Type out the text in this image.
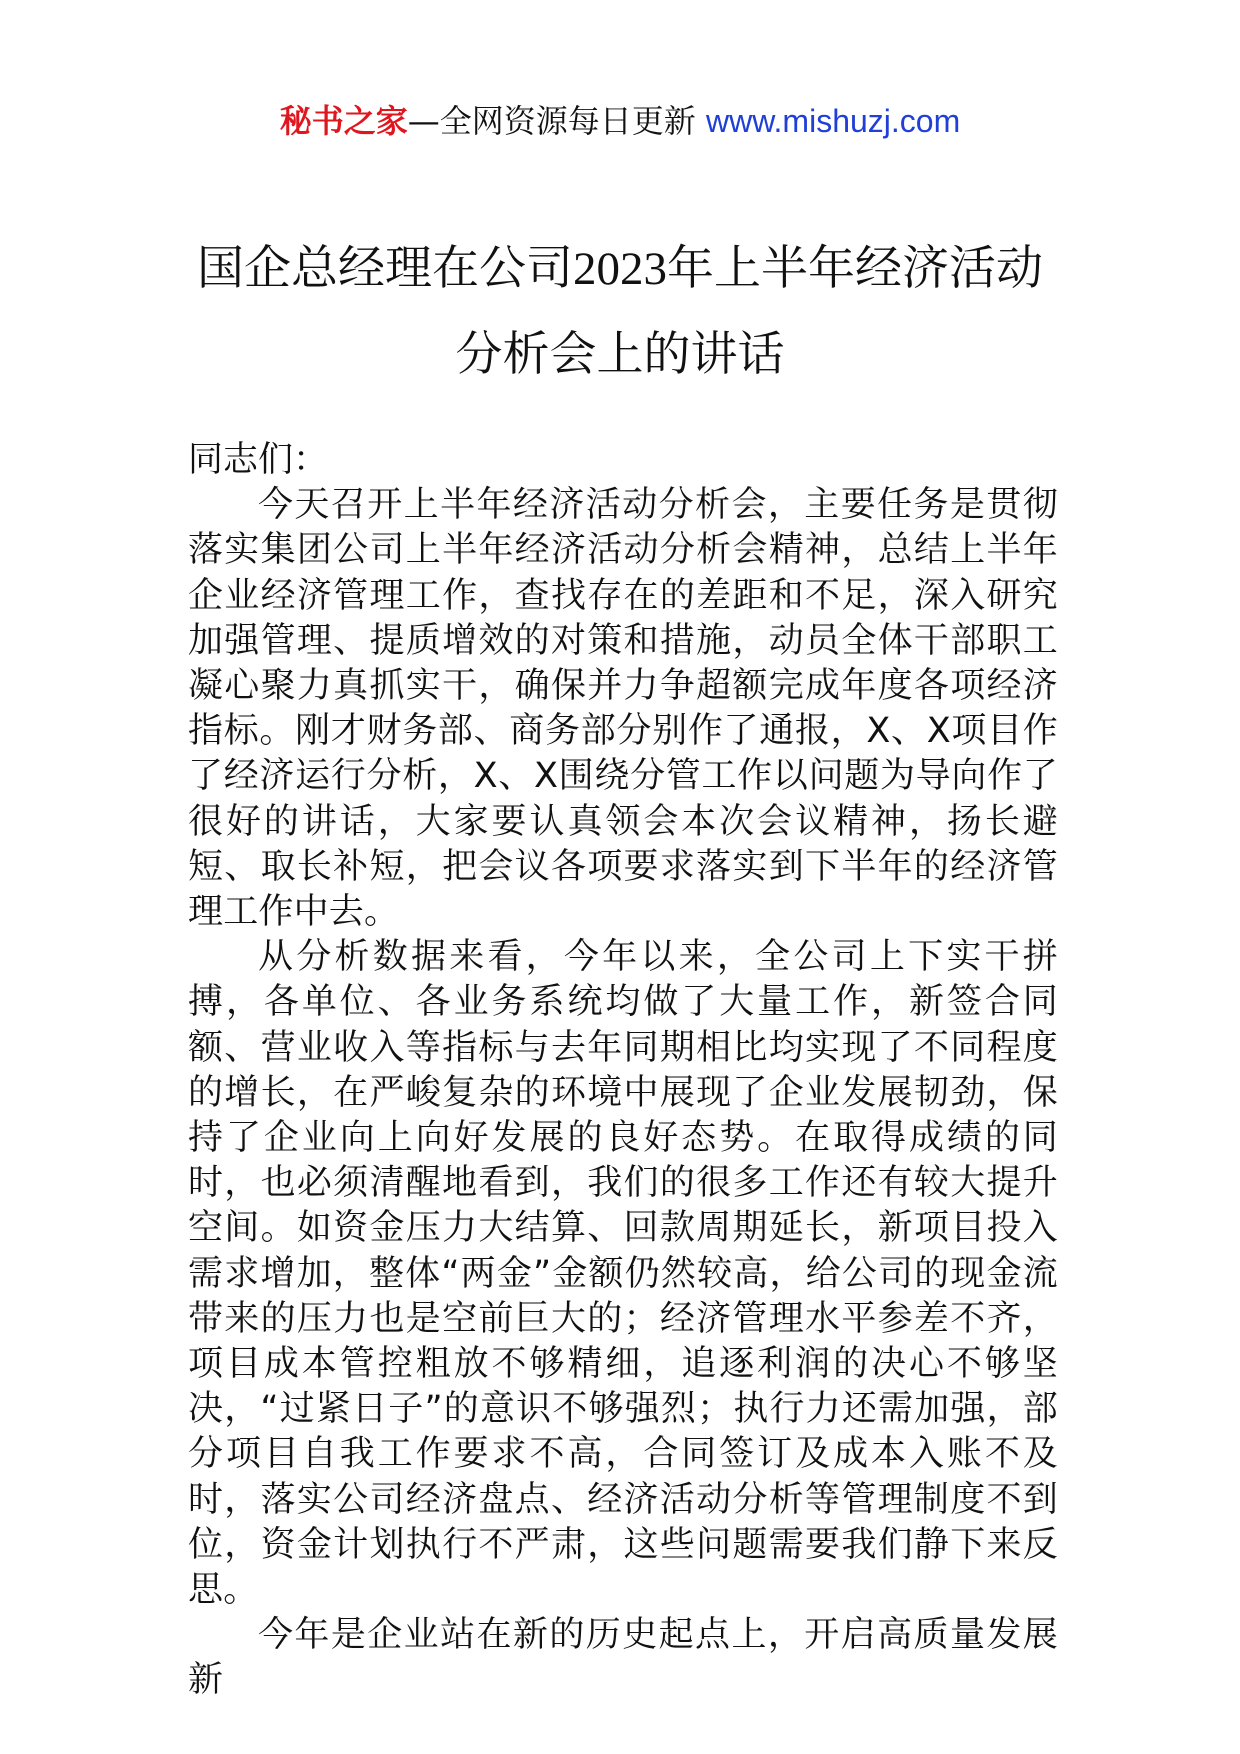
秘书之家—全网资源每日更新 www.mishuzj.com
国企总经理在公司2023年上半年经济活动
分析会上的讲话

同志们：

今天召开上半年经济活动分析会，主要任务是贯彻落实集团公司上半年经济活动分析会精神，总结上半年企业经济管理工作，查找存在的差距和不足，深入研究加强管理、提质增效的对策和措施，动员全体干部职工凝心聚力真抓实干，确保并力争超额完成年度各项经济指标。刚才财务部、商务部分别作了通报，X、X项目作了经济运行分析，X、X围绕分管工作以问题为导向作了很好的讲话，大家要认真领会本次会议精神，扬长避短、取长补短，把会议各项要求落实到下半年的经济管理工作中去。

从分析数据来看，今年以来，全公司上下实干拼搏，各单位、各业务系统均做了大量工作，新签合同额、营业收入等指标与去年同期相比均实现了不同程度的增长，在严峻复杂的环境中展现了企业发展韧劲，保持了企业向上向好发展的良好态势。在取得成绩的同时，也必须清醒地看到，我们的很多工作还有较大提升空间。如资金压力大结算、回款周期延长，新项目投入需求增加，整体“两金”金额仍然较高，给公司的现金流带来的压力也是空前巨大的；经济管理水平参差不齐，项目成本管控粗放不够精细，追逐利润的决心不够坚决，“过紧日子”的意识不够强烈；执行力还需加强，部分项目自我工作要求不高，合同签订及成本入账不及时，落实公司经济盘点、经济活动分析等管理制度不到位，资金计划执行不严肃，这些问题需要我们静下来反思。

今年是企业站在新的历史起点上，开启高质量发展新
